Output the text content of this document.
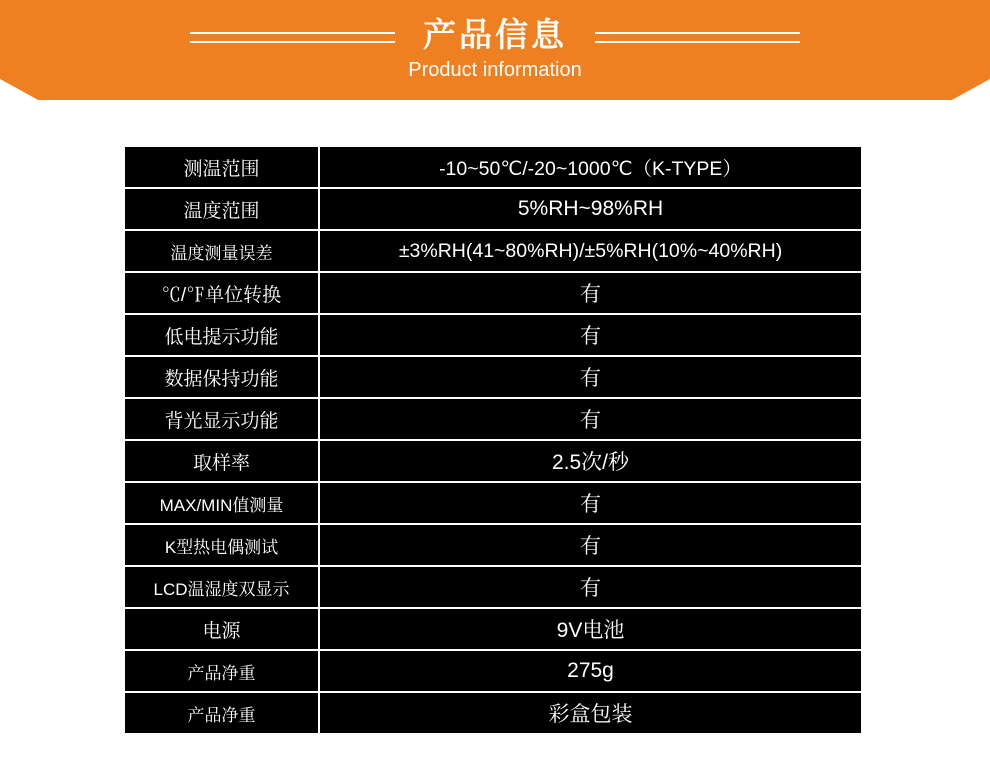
产品信息
Product information
测温范围	-10~50℃/-20~1000℃（K-TYPE）
温度范围	5%RH~98%RH
温度测量误差	±3%RH(41~80%RH)/±5%RH(10%~40%RH)
℃/℉单位转换	有
低电提示功能	有
数据保持功能	有
背光显示功能	有
取样率	2.5次/秒
MAX/MIN值测量	有
K型热电偶测试	有
LCD温湿度双显示	有
电源	9V电池
产品净重	275g
产品净重	彩盒包装
